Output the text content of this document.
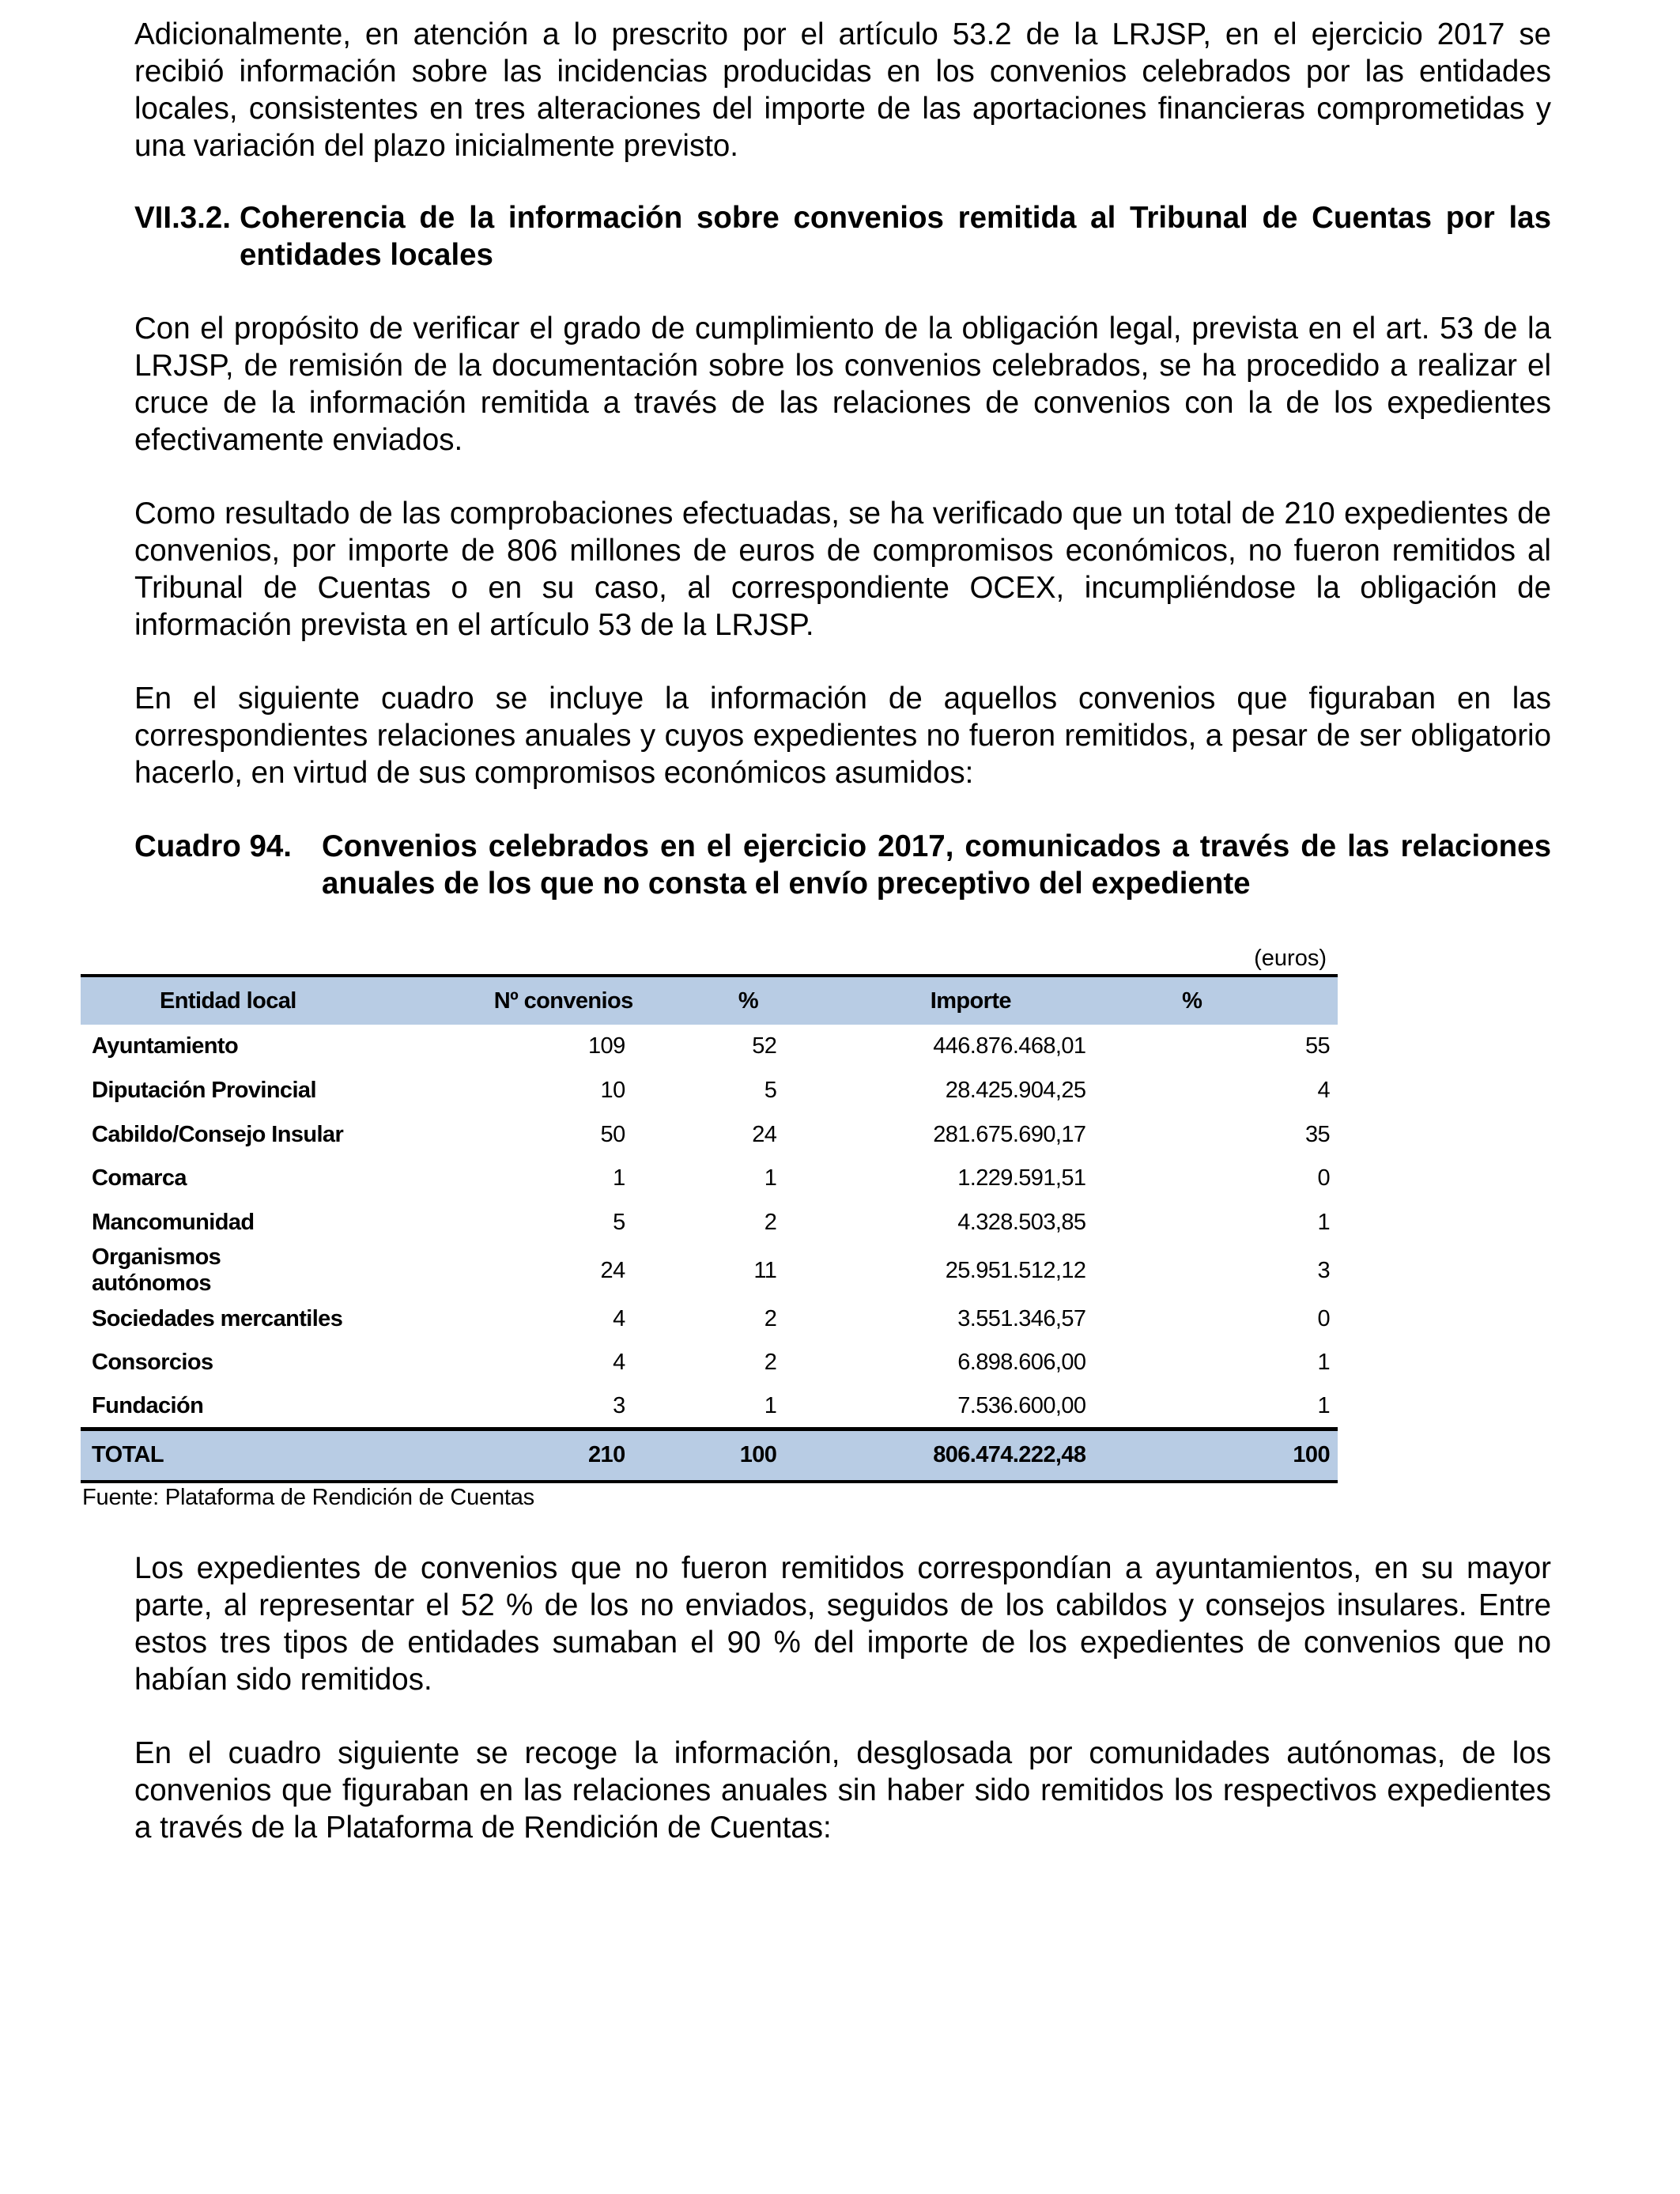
Adicionalmente, en atención a lo prescrito por el artículo 53.2 de la LRJSP, en el ejercicio 2017 se recibió información sobre las incidencias producidas en los convenios celebrados por las entidades locales, consistentes en tres alteraciones del importe de las aportaciones financieras comprometidas y una variación del plazo inicialmente previsto.

VII.3.2. Coherencia de la información sobre convenios remitida al Tribunal de Cuentas por las entidades locales

Con el propósito de verificar el grado de cumplimiento de la obligación legal, prevista en el art. 53 de la LRJSP, de remisión de la documentación sobre los convenios celebrados, se ha procedido a realizar el cruce de la información remitida a través de las relaciones de convenios con la de los expedientes efectivamente enviados.

Como resultado de las comprobaciones efectuadas, se ha verificado que un total de 210 expedientes de convenios, por importe de 806 millones de euros de compromisos económicos, no fueron remitidos al Tribunal de Cuentas o en su caso, al correspondiente OCEX, incumpliéndose la obligación de información prevista en el artículo 53 de la LRJSP.

En el siguiente cuadro se incluye la información de aquellos convenios que figuraban en las correspondientes relaciones anuales y cuyos expedientes no fueron remitidos, a pesar de ser obligatorio hacerlo, en virtud de sus compromisos económicos asumidos:

Cuadro 94. Convenios celebrados en el ejercicio 2017, comunicados a través de las relaciones anuales de los que no consta el envío preceptivo del expediente
(euros)
Entidad local	Nº convenios	%	Importe	%
Ayuntamiento	109	52	446.876.468,01	55
Diputación Provincial	10	5	28.425.904,25	4
Cabildo/Consejo Insular	50	24	281.675.690,17	35
Comarca	1	1	1.229.591,51	0
Mancomunidad	5	2	4.328.503,85	1
Organismos autónomos	24	11	25.951.512,12	3
Sociedades mercantiles	4	2	3.551.346,57	0
Consorcios	4	2	6.898.606,00	1
Fundación	3	1	7.536.600,00	1
TOTAL	210	100	806.474.222,48	100
Fuente: Plataforma de Rendición de Cuentas

Los expedientes de convenios que no fueron remitidos correspondían a ayuntamientos, en su mayor parte, al representar el 52 % de los no enviados, seguidos de los cabildos y consejos insulares. Entre estos tres tipos de entidades sumaban el 90 % del importe de los expedientes de convenios que no habían sido remitidos.

En el cuadro siguiente se recoge la información, desglosada por comunidades autónomas, de los convenios que figuraban en las relaciones anuales sin haber sido remitidos los respectivos expedientes a través de la Plataforma de Rendición de Cuentas:
